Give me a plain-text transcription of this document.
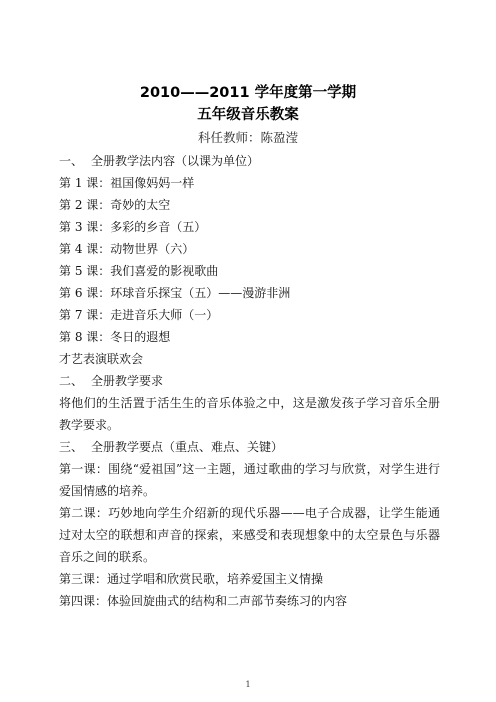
2010——2011 学年度第一学期
五年级音乐教案
科任教师：陈盈滢
一、 全册教学法内容（以课为单位）
第 1 课：祖国像妈妈一样
第 2 课：奇妙的太空
第 3 课：多彩的乡音（五）
第 4 课：动物世界（六）
第 5 课：我们喜爱的影视歌曲
第 6 课：环球音乐探宝（五）——漫游非洲
第 7 课：走进音乐大师（一）
第 8 课：冬日的遐想
才艺表演联欢会
二、 全册教学要求
将他们的生活置于活生生的音乐体验之中，这是激发孩子学习音乐全册教学要求。
三、 全册教学要点（重点、难点、关键）
第一课：围绕“爱祖国”这一主题，通过歌曲的学习与欣赏，对学生进行爱国情感的培养。
第二课：巧妙地向学生介绍新的现代乐器——电子合成器，让学生能通过对太空的联想和声音的探索，来感受和表现想象中的太空景色与乐器音乐之间的联系。
第三课：通过学唱和欣赏民歌，培养爱国主义情操
第四课：体验回旋曲式的结构和二声部节奏练习的内容
1
